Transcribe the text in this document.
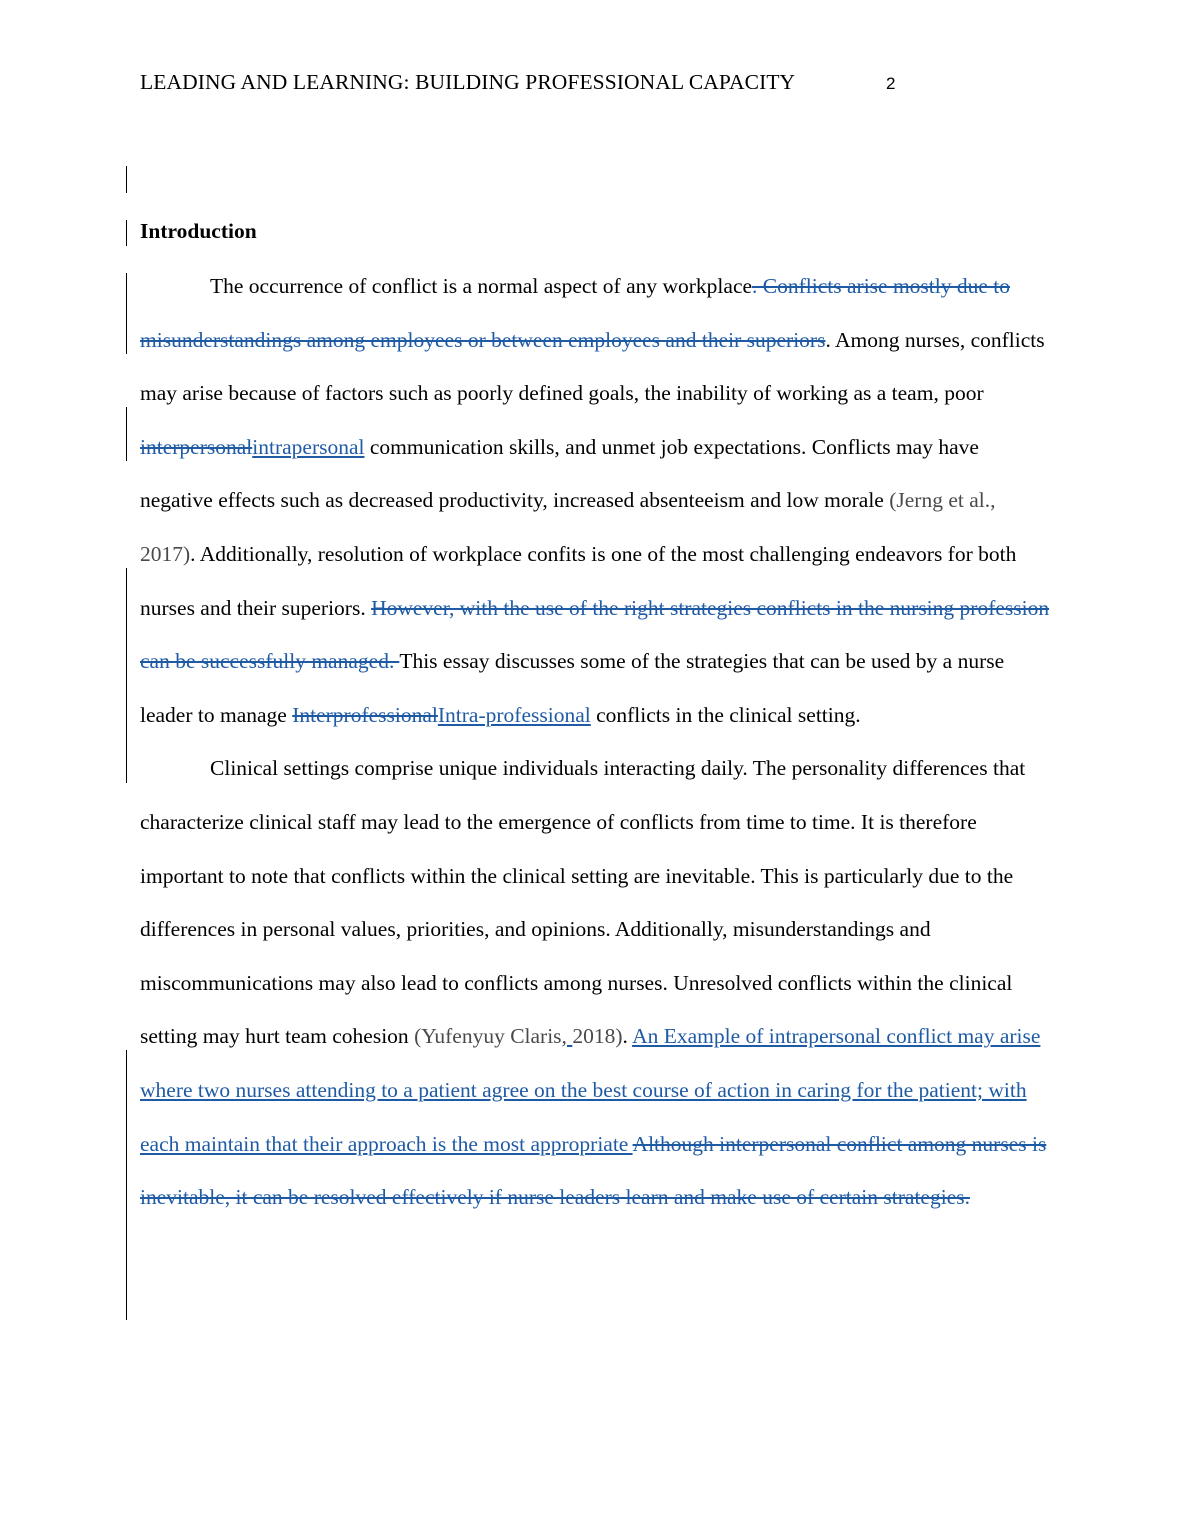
LEADING AND LEARNING: BUILDING PROFESSIONAL CAPACITY	2
Introduction

The occurrence of conflict is a normal aspect of any workplace. Conflicts arise mostly due to misunderstandings among employees or between employees and their superiors. Among nurses, conflicts may arise because of factors such as poorly defined goals, the inability of working as a team, poor interpersonalintrapersonal communication skills, and unmet job expectations. Conflicts may have negative effects such as decreased productivity, increased absenteeism and low morale (Jerng et al., 2017). Additionally, resolution of workplace confits is one of the most challenging endeavors for both nurses and their superiors. However, with the use of the right strategies conflicts in the nursing profession can be successfully managed. This essay discusses some of the strategies that can be used by a nurse leader to manage InterprofessionalIntra-professional conflicts in the clinical setting.

Clinical settings comprise unique individuals interacting daily. The personality differences that characterize clinical staff may lead to the emergence of conflicts from time to time. It is therefore important to note that conflicts within the clinical setting are inevitable. This is particularly due to the differences in personal values, priorities, and opinions. Additionally, misunderstandings and miscommunications may also lead to conflicts among nurses. Unresolved conflicts within the clinical setting may hurt team cohesion (Yufenyuy Claris, 2018). An Example of intrapersonal conflict may arise where two nurses attending to a patient agree on the best course of action in caring for the patient; with each maintain that their approach is the most appropriate Although interpersonal conflict among nurses is inevitable, it can be resolved effectively if nurse leaders learn and make use of certain strategies.
